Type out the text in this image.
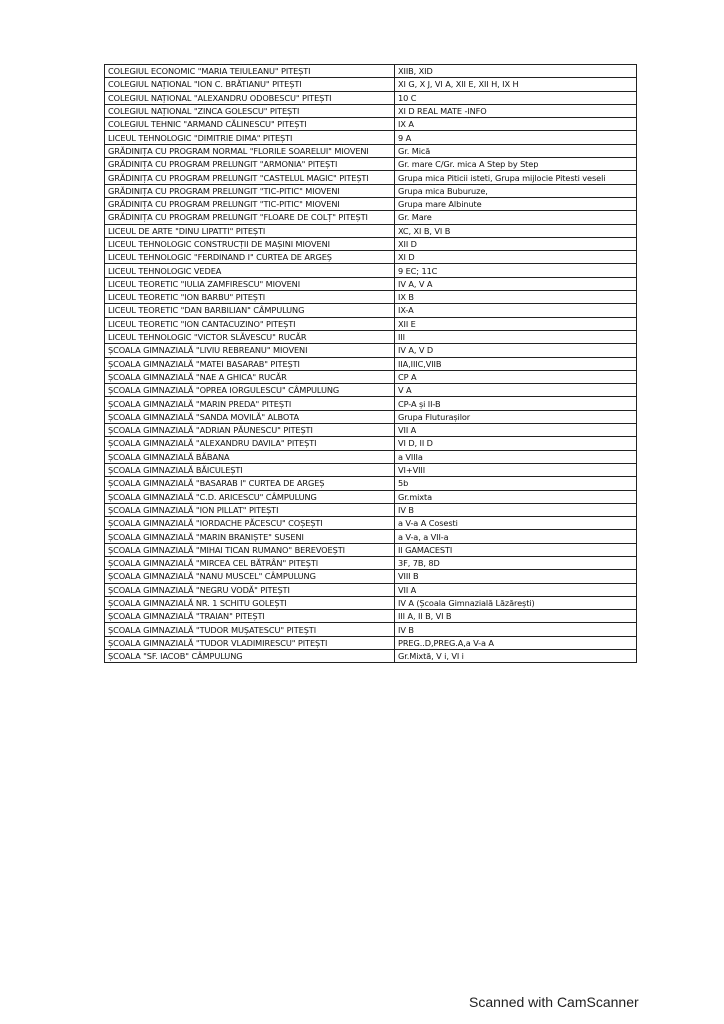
COLEGIUL ECONOMIC "MARIA TEIULEANU" PITEȘTI	XIIB, XID
COLEGIUL NAȚIONAL "ION C. BRĂTIANU" PITEȘTI	XI G, X J, VI A, XII E, XII H, IX H
COLEGIUL NAȚIONAL "ALEXANDRU ODOBESCU" PITEȘTI	10 C
COLEGIUL NAȚIONAL "ZINCA GOLESCU" PITEȘTI	XI D REAL MATE -INFO
COLEGIUL TEHNIC "ARMAND CĂLINESCU" PITEȘTI	IX A
LICEUL TEHNOLOGIC "DIMITRIE DIMA" PITEȘTI	9 A
GRĂDINIȚA CU PROGRAM NORMAL "FLORILE SOARELUI" MIOVENI	Gr. Mică
GRĂDINIȚA CU PROGRAM PRELUNGIT "ARMONIA" PITEȘTI	Gr. mare C/Gr. mica A Step by Step
GRĂDINIȚA CU PROGRAM PRELUNGIT "CASTELUL MAGIC" PITEȘTI	Grupa mica Piticii isteti, Grupa mijlocie Pitesti veseli
GRĂDINIȚA CU PROGRAM PRELUNGIT "TIC-PITIC" MIOVENI	Grupa mica Buburuze,
GRĂDINIȚA CU PROGRAM PRELUNGIT "TIC-PITIC" MIOVENI	Grupa mare Albinute
GRĂDINIȚA CU PROGRAM PRELUNGIT "FLOARE DE COLȚ" PITEȘTI	Gr. Mare
LICEUL DE ARTE "DINU LIPATTI" PITEȘTI	XC, XI B, VI B
LICEUL TEHNOLOGIC CONSTRUCȚII DE MAȘINI MIOVENI	XII D
LICEUL TEHNOLOGIC "FERDINAND I" CURTEA DE ARGEȘ	XI D
LICEUL TEHNOLOGIC VEDEA	9 EC; 11C
LICEUL TEORETIC "IULIA ZAMFIRESCU" MIOVENI	IV A, V A
LICEUL TEORETIC "ION BARBU" PITEȘTI	IX B
LICEUL TEORETIC "DAN BARBILIAN" CÂMPULUNG	IX-A
LICEUL TEORETIC "ION CANTACUZINO" PITEȘTI	XII E
LICEUL TEHNOLOGIC "VICTOR SLĂVESCU" RUCĂR	III
ȘCOALA GIMNAZIALĂ "LIVIU REBREANU" MIOVENI	IV A, V D
ȘCOALA GIMNAZIALĂ "MATEI BASARAB" PITEȘTI	IIA,IIIC,VIIB
ȘCOALA GIMNAZIALĂ "NAE A GHICA" RUCĂR	CP A
ȘCOALA GIMNAZIALĂ "OPREA IORGULESCU" CÂMPULUNG	V A
ȘCOALA GIMNAZIALĂ "MARIN PREDA" PITEȘTI	CP-A și II-B
ȘCOALA GIMNAZIALĂ "SANDA MOVILĂ" ALBOTA	Grupa Fluturașilor
ȘCOALA GIMNAZIALĂ "ADRIAN PĂUNESCU" PITEȘTI	VII A
ȘCOALA GIMNAZIALĂ "ALEXANDRU DAVILA" PITEȘTI	VI D, II D
ȘCOALA GIMNAZIALĂ BĂBANA	a VIIIa
ȘCOALA GIMNAZIALĂ BĂICULEȘTI	VI+VIII
ȘCOALA GIMNAZIALĂ "BASARAB I" CURTEA DE ARGEȘ	5b
ȘCOALA GIMNAZIALĂ "C.D. ARICESCU" CÂMPULUNG	Gr.mixta
ȘCOALA GIMNAZIALĂ "ION PILLAT" PITEȘTI	IV B
ȘCOALA GIMNAZIALĂ "IORDACHE PĂCESCU" COȘEȘTI	a V-a A Cosesti
ȘCOALA GIMNAZIALĂ "MARIN BRANIȘTE" SUSENI	a V-a, a VII-a
ȘCOALA GIMNAZIALĂ "MIHAI TICAN RUMANO" BEREVOEȘTI	II GAMACESTI
ȘCOALA GIMNAZIALĂ "MIRCEA CEL BĂTRÂN" PITEȘTI	3F, 7B, 8D
ȘCOALA GIMNAZIALĂ "NANU MUSCEL" CÂMPULUNG	VIII B
ȘCOALA GIMNAZIALĂ "NEGRU VODĂ" PITEȘTI	VII A
ȘCOALA GIMNAZIALĂ NR. 1 SCHITU GOLEȘTI	IV A (Școala Gimnazială Lăzărești)
ȘCOALA GIMNAZIALĂ "TRAIAN" PITEȘTI	III A, II B, VI B
ȘCOALA GIMNAZIALĂ "TUDOR MUȘATESCU" PITEȘTI	IV B
ȘCOALA GIMNAZIALĂ "TUDOR VLADIMIRESCU" PITEȘTI	PREG..D,PREG.A,a V-a A
ȘCOALA "SF. IACOB" CÂMPULUNG	Gr.Mixtă, V i, VI i
Scanned with CamScanner
